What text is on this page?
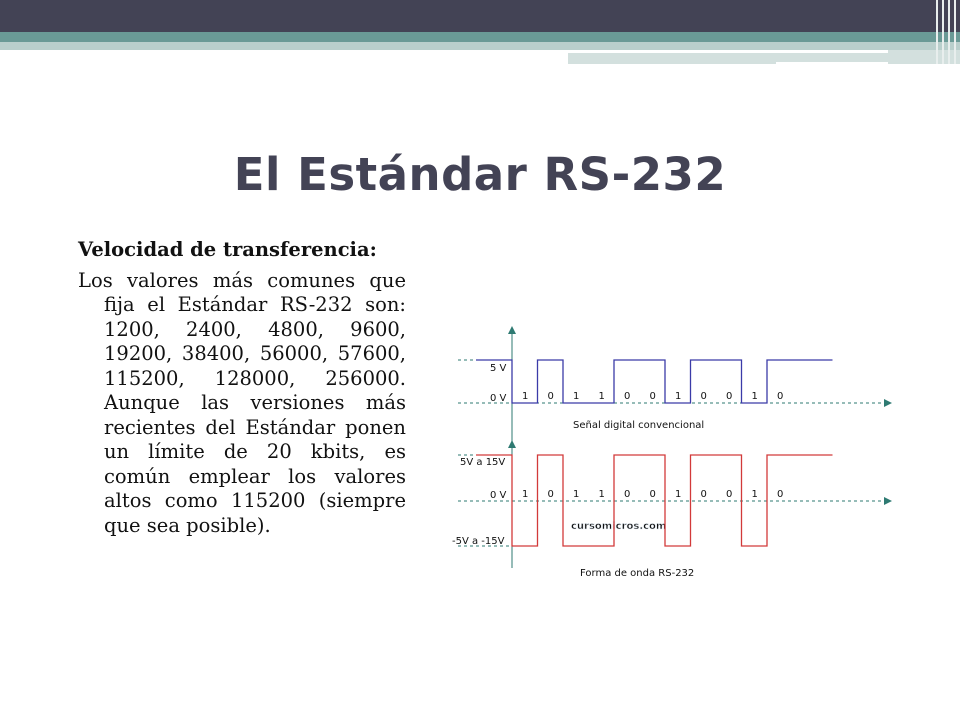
El Estándar RS-232

Velocidad de transferencia:

Los valores más comunes que fija el Estándar RS-232 son: 1200, 2400, 4800, 9600, 19200, 38400, 56000, 57600, 115200, 128000, 256000. Aunque las versiones más recientes del Estándar ponen un límite de 20 kbits, es común emplear los valores altos como 115200 (siempre que sea posible).

5 V
0 V 1 0 1 1 0 0 1 0 0 1 0
Señal digital convencional
cursomicros.com
5V a 15V
0 V
-5V a -15V
1 0 1 1 0 0 1 0 0 1 0
Forma de onda RS-232
